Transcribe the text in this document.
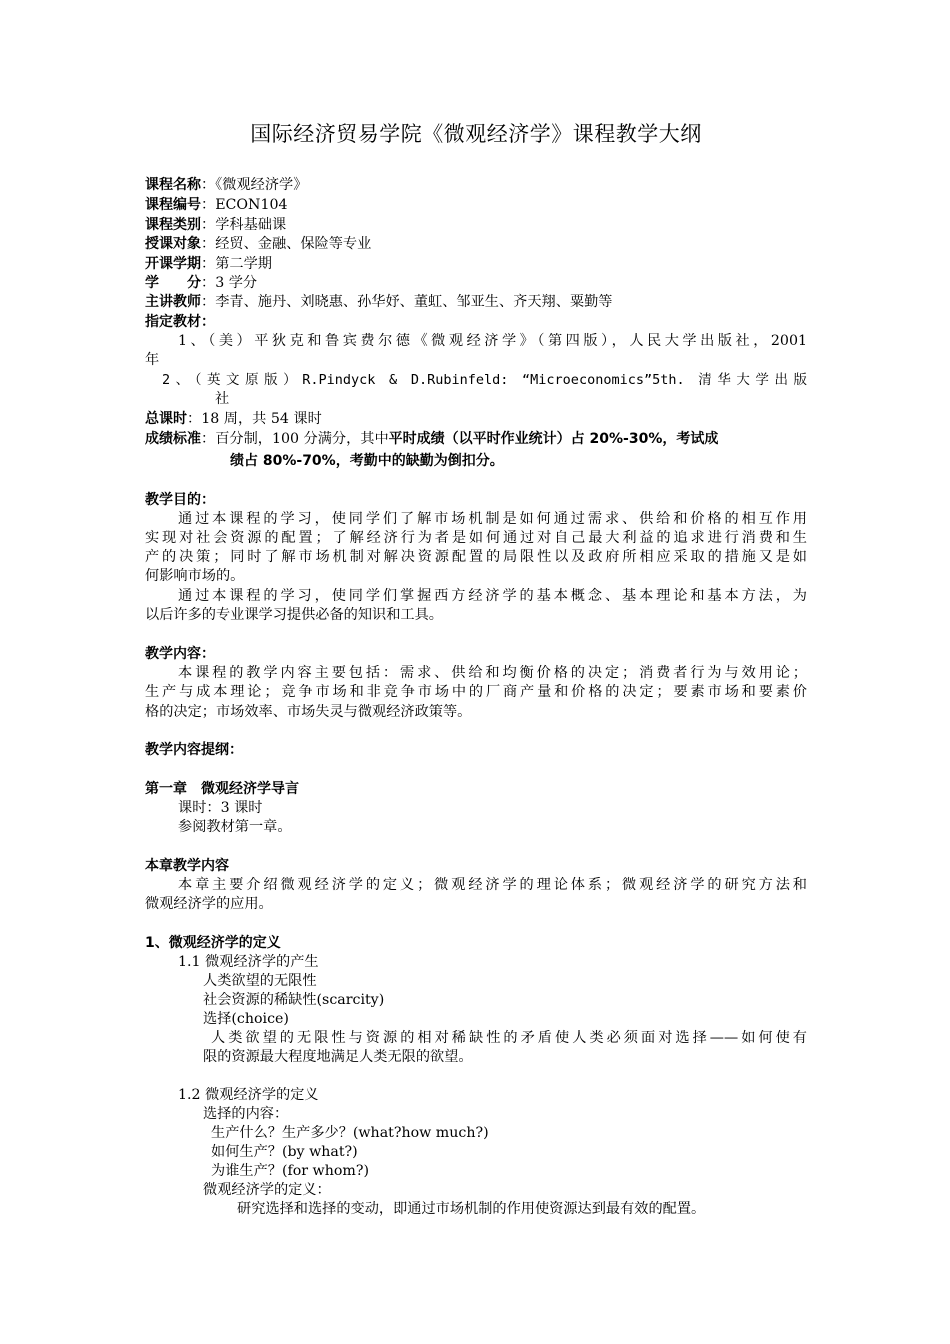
国际经济贸易学院《微观经济学》课程教学大纲
课程名称：《微观经济学》
课程编号：ECON104
课程类别：学科基础课
授课对象：经贸、金融、保险等专业
开课学期：第二学期
学　　分：3 学分
主讲教师：李青、施丹、刘晓惠、孙华妤、董虹、邹亚生、齐天翔、粟勤等
指定教材：
1、（美）平狄克和鲁宾费尔德《微观经济学》（第四版），人民大学出版社，2001
年
2、（英文原版）R.Pindyck & D.Rubinfeld: “Microeconomics”5th. 清华大学出版
社
总课时：18 周，共 54 课时
成绩标准：百分制，100 分满分，其中平时成绩（以平时作业统计）占 20%-30%，考试成
绩占 80%-70%，考勤中的缺勤为倒扣分。
教学目的：
通过本课程的学习，使同学们了解市场机制是如何通过需求、供给和价格的相互作用
实现对社会资源的配置；了解经济行为者是如何通过对自己最大利益的追求进行消费和生
产的决策；同时了解市场机制对解决资源配置的局限性以及政府所相应采取的措施又是如
何影响市场的。
通过本课程的学习，使同学们掌握西方经济学的基本概念、基本理论和基本方法，为
以后许多的专业课学习提供必备的知识和工具。
教学内容：
本课程的教学内容主要包括：需求、供给和均衡价格的决定；消费者行为与效用论；
生产与成本理论；竞争市场和非竞争市场中的厂商产量和价格的决定；要素市场和要素价
格的决定；市场效率、市场失灵与微观经济政策等。
教学内容提纲：
第一章　微观经济学导言
课时：3 课时
参阅教材第一章。
本章教学内容
本章主要介绍微观经济学的定义；微观经济学的理论体系；微观经济学的研究方法和
微观经济学的应用。
1、微观经济学的定义
1.1 微观经济学的产生
人类欲望的无限性
社会资源的稀缺性(scarcity)
选择(choice)
人类欲望的无限性与资源的相对稀缺性的矛盾使人类必须面对选择——如何使有
限的资源最大程度地满足人类无限的欲望。
1.2 微观经济学的定义
选择的内容：
生产什么？生产多少？(what?how much?)
如何生产？(by what?)
为谁生产？(for whom?)
微观经济学的定义：
研究选择和选择的变动，即通过市场机制的作用使资源达到最有效的配置。
